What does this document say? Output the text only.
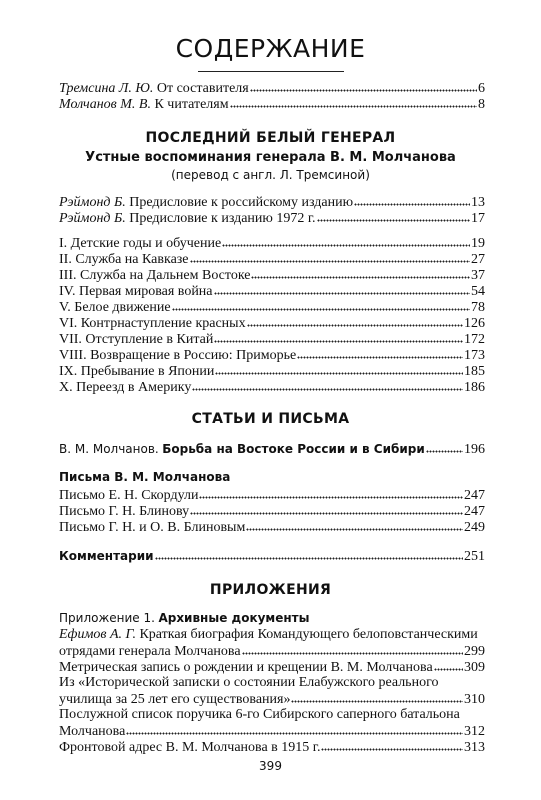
СОДЕРЖАНИЕ
Тремсина Л. Ю. От составителя	6
Молчанов М. В. К читателям	8
ПОСЛЕДНИЙ БЕЛЫЙ ГЕНЕРАЛ
Устные воспоминания генерала В. М. Молчанова
(перевод с англ. Л. Тремсиной)
Рэймонд Б. Предисловие к российскому изданию	13
Рэймонд Б. Предисловие к изданию 1972 г.	17
I. Детские годы и обучение	19
II. Служба на Кавказе	27
III. Служба на Дальнем Востоке	37
IV. Первая мировая война	54
V. Белое движение	78
VI. Контрнаступление красных	126
VII. Отступление в Китай	172
VIII. Возвращение в Россию: Приморье	173
IX. Пребывание в Японии	185
X. Переезд в Америку	186
СТАТЬИ И ПИСЬМА
В. М. Молчанов. Борьба на Востоке России и в Сибири	196
Письма В. М. Молчанова
Письмо Е. Н. Скордули	247
Письмо Г. Н. Блинову	247
Письмо Г. Н. и О. В. Блиновым	249
Комментарии	251
ПРИЛОЖЕНИЯ
Приложение 1. Архивные документы
Ефимов А. Г. Краткая биография Командующего белоповстанческими
отрядами генерала Молчанова	299
Метрическая запись о рождении и крещении В. М. Молчанова 309
Из «Исторической записки о состоянии Елабужского реального
училища за 25 лет его существования»	310
Послужной список поручика 6-го Сибирского саперного батальона
Молчанова	312
Фронтовой адрес В. М. Молчанова в 1915 г.	313
399
